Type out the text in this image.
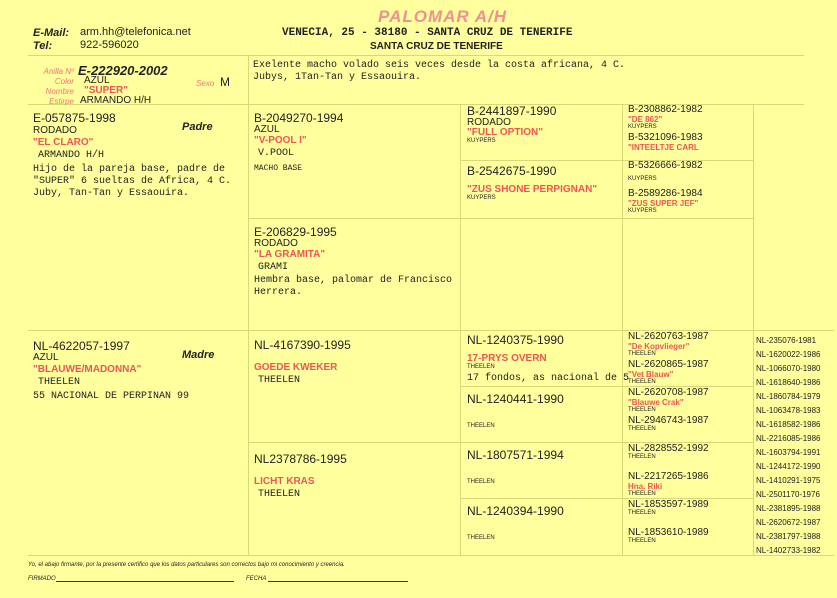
PALOMAR A/H
VENECIA, 25 - 38180 - SANTA CRUZ DE TENERIFE
SANTA CRUZ DE TENERIFE
E-Mail: arm.hh@telefonica.net
Tel:	922-596020
Anilla Nº E-222920-2002
Color AZUL
Nombre "SUPER"
Estirpe ARMANDO H/H
Sexo M
Exelente macho volado seis veces desde la costa africana, 4 C. Jubys, 1Tan-Tan y Essaouira.
E-057875-1998
Padre
RODADO
"EL CLARO"
ARMANDO H/H
Hijo de la pareja base, padre de "SUPER" 6 sueltas de Africa, 4 C. Juby, Tan-Tan y Essaouira.
NL-4622057-1997
Madre
AZUL
"BLAUWE/MADONNA"
THEELEN
55 NACIONAL DE PERPINAN 99
B-2049270-1994
AZUL
"V-POOL I"
V.POOL
MACHO BASE
E-206829-1995
RODADO
"LA GRAMITA"
GRAMI
Hembra base, palomar de Francisco Herrera.
NL-4167390-1995
GOEDE KWEKER
THEELEN
NL2378786-1995
LICHT KRAS
THEELEN
B-2441897-1990
RODADO
"FULL OPTION"
KUYPERS
B-2542675-1990
"ZUS SHONE PERPIGNAN"
KUYPERS
NL-1240375-1990
17-PRYS OVERN
THEELEN
17 fondos, as nacional de 5
NL-1240441-1990
THEELEN
NL-1807571-1994
THEELEN
NL-1240394-1990
THEELEN
B-2308862-1982
"DE 862"
KUYPERS
B-5321096-1983
"INTEELTJE CARL
B-5326666-1982
KUYPERS
B-2589286-1984
"ZUS SUPER JEF"
KUYPERS
NL-2620763-1987
"De Kopvlieger"
THEELEN
NL-2620865-1987
"Vet Blauw"
THEELEN
NL-2620708-1987
"Blauwe Crak"
THEELEN
NL-2946743-1987
THEELEN
NL-2828552-1992
THEELEN
NL-2217265-1986
Hna. Riki
THEELEN
NL-1853597-1989
THEELEN
NL-1853610-1989
THEELEN
NL-235076-1981
NL-1620022-1986
NL-1066070-1980
NL-1618640-1986
NL-1860784-1979
NL-1063478-1983
NL-1618582-1986
NL-2216085-1986
NL-1603794-1991
NL-1244172-1990
NL-1410291-1975
NL-2501170-1976
NL-2381895-1988
NL-2620672-1987
NL-2381797-1988
NL-1402733-1982
Yo, el abajo firmante, por la presente certifico que los datos particulares son correctos bajo mi conocimiento y creencia.
FIRMADO	FECHA
